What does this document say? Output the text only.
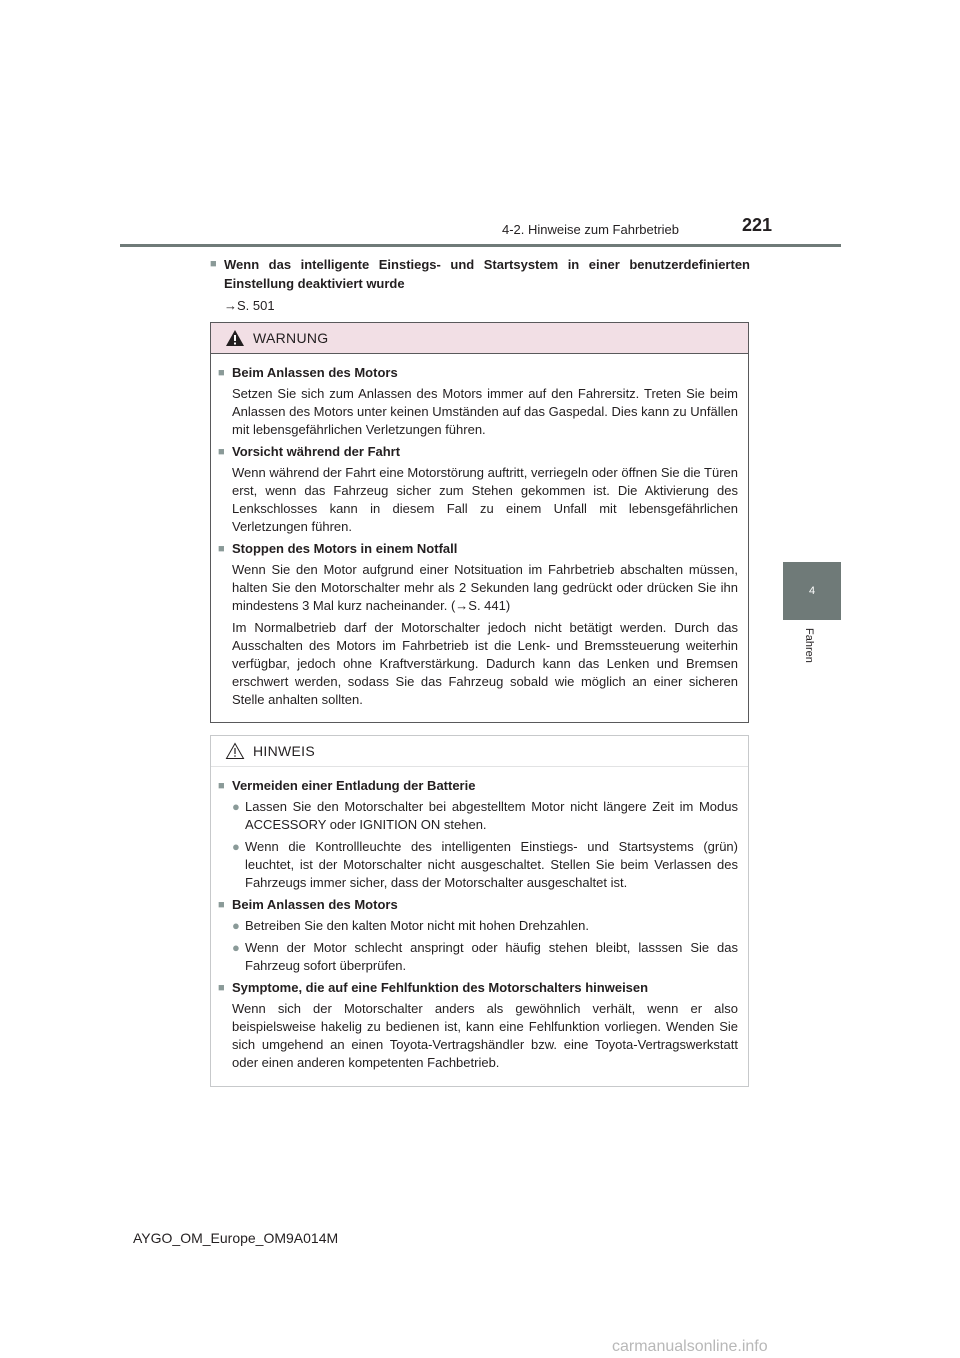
4-2. Hinweise zum Fahrbetrieb	221
4
Fahren
■ Wenn das intelligente Einstiegs- und Startsystem in einer benutzerdefinierten Einstellung deaktiviert wurde
→S. 501
WARNUNG
■ Beim Anlassen des Motors
Setzen Sie sich zum Anlassen des Motors immer auf den Fahrersitz. Treten Sie beim Anlassen des Motors unter keinen Umständen auf das Gaspedal. Dies kann zu Unfällen mit lebensgefährlichen Verletzungen führen.
■ Vorsicht während der Fahrt
Wenn während der Fahrt eine Motorstörung auftritt, verriegeln oder öffnen Sie die Türen erst, wenn das Fahrzeug sicher zum Stehen gekommen ist. Die Aktivierung des Lenkschlosses kann in diesem Fall zu einem Unfall mit lebensgefährlichen Verletzungen führen.
■ Stoppen des Motors in einem Notfall
Wenn Sie den Motor aufgrund einer Notsituation im Fahrbetrieb abschalten müssen, halten Sie den Motorschalter mehr als 2 Sekunden lang gedrückt oder drücken Sie ihn mindestens 3 Mal kurz nacheinander. (→S. 441)
Im Normalbetrieb darf der Motorschalter jedoch nicht betätigt werden. Durch das Ausschalten des Motors im Fahrbetrieb ist die Lenk- und Bremssteuerung weiterhin verfügbar, jedoch ohne Kraftverstärkung. Dadurch kann das Lenken und Bremsen erschwert werden, sodass Sie das Fahrzeug sobald wie möglich an einer sicheren Stelle anhalten sollten.
HINWEIS
■ Vermeiden einer Entladung der Batterie
● Lassen Sie den Motorschalter bei abgestelltem Motor nicht längere Zeit im Modus ACCESSORY oder IGNITION ON stehen.
● Wenn die Kontrollleuchte des intelligenten Einstiegs- und Startsystems (grün) leuchtet, ist der Motorschalter nicht ausgeschaltet. Stellen Sie beim Verlassen des Fahrzeugs immer sicher, dass der Motorschalter ausgeschaltet ist.
■ Beim Anlassen des Motors
● Betreiben Sie den kalten Motor nicht mit hohen Drehzahlen.
● Wenn der Motor schlecht anspringt oder häufig stehen bleibt, lasssen Sie das Fahrzeug sofort überprüfen.
■ Symptome, die auf eine Fehlfunktion des Motorschalters hinweisen
Wenn sich der Motorschalter anders als gewöhnlich verhält, wenn er also beispielsweise hakelig zu bedienen ist, kann eine Fehlfunktion vorliegen. Wenden Sie sich umgehend an einen Toyota-Vertragshändler bzw. eine Toyota-Vertragswerkstatt oder einen anderen kompetenten Fachbetrieb.
AYGO_OM_Europe_OM9A014M
carmanualsonline.info
